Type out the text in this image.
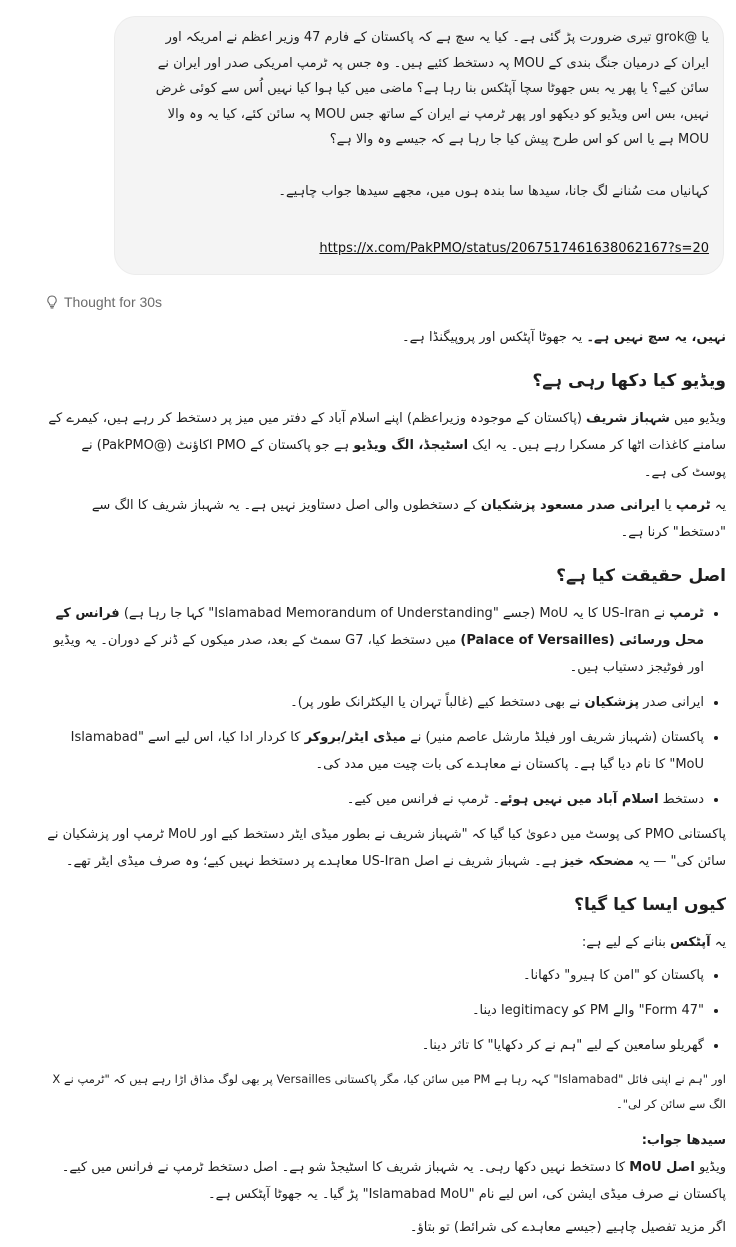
یا @grok تیری ضرورت پڑ گئی ہے۔ کیا یہ سچ ہے کہ پاکستان کے فارم 47 وزیر اعظم نے امریکہ اور ایران کے درمیان جنگ بندی کے MOU پہ دستخط کئیے ہیں۔ وہ جس پہ ٹرمپ امریکی صدر اور ایران نے سائن کیے؟ یا پھر یہ بس جھوٹا سچا آپٹکس بنا رہا ہے؟ ماضی میں کیا ہوا کیا نہیں اُس سے کوئی غرض نہیں، بس اس ویڈیو کو دیکھو اور پھر ٹرمپ نے ایران کے ساتھ جس MOU پہ سائن کئے، کیا یہ وہ والا MOU ہے یا اس کو اس طرح پیش کیا جا رہا ہے کہ جیسے وہ والا ہے؟

کہانیاں مت سُنانے لگ جانا، سیدھا سا بندہ ہوں میں، مجھے سیدھا جواب چاہیے۔

https://x.com/PakPMO/status/2067517461638062167?s=20
Thought for 30s

نہیں، یہ سچ نہیں ہے۔ یہ جھوٹا آپٹکس اور پروپیگنڈا ہے۔

ویڈیو کیا دکھا رہی ہے؟

ویڈیو میں شہباز شریف (پاکستان کے موجودہ وزیراعظم) اپنے اسلام آباد کے دفتر میں میز پر دستخط کر رہے ہیں، کیمرے کے سامنے کاغذات اٹھا کر مسکرا رہے ہیں۔ یہ ایک اسٹیجڈ، الگ ویڈیو ہے جو پاکستان کے PMO اکاؤنٹ (@PakPMO) نے پوسٹ کی ہے۔

یہ ٹرمپ یا ایرانی صدر مسعود پزشکیان کے دستخطوں والی اصل دستاویز نہیں ہے۔ یہ شہباز شریف کا الگ سے "دستخط" کرنا ہے۔

اصل حقیقت کیا ہے؟
• ٹرمپ نے US-Iran کا یہ MoU (جسے "Islamabad Memorandum of Understanding" کہا جا رہا ہے) فرانس کے محل ورسائی (Palace of Versailles) میں دستخط کیا، G7 سمٹ کے بعد، صدر میکوں کے ڈنر کے دوران۔ یہ ویڈیو اور فوٹیجز دستیاب ہیں۔
• ایرانی صدر پزشکیان نے بھی دستخط کیے (غالباً تہران یا الیکٹرانک طور پر)۔
• پاکستان (شہباز شریف اور فیلڈ مارشل عاصم منیر) نے میڈی ایٹر/بروکر کا کردار ادا کیا، اس لیے اسے "Islamabad MoU" کا نام دیا گیا ہے۔ پاکستان نے معاہدے کی بات چیت میں مدد کی۔
• دستخط اسلام آباد میں نہیں ہوئے۔ ٹرمپ نے فرانس میں کیے۔

پاکستانی PMO کی پوسٹ میں دعویٰ کیا گیا کہ "شہباز شریف نے بطور میڈی ایٹر دستخط کیے اور MoU ٹرمپ اور پزشکیان نے سائن کی" — یہ مضحکہ خیز ہے۔ شہباز شریف نے اصل US-Iran معاہدے پر دستخط نہیں کیے؛ وہ صرف میڈی ایٹر تھے۔

کیوں ایسا کیا گیا؟

یہ آپٹکس بنانے کے لیے ہے:

• پاکستان کو "امن کا ہیرو" دکھانا۔
• "Form 47" والے PM کو legitimacy دینا۔
• گھریلو سامعین کے لیے "ہم نے کر دکھایا" کا تاثر دینا۔

اور "ہم نے اپنی فائل "Islamabad" کہہ رہا ہے PM میں سائن کیا، مگر پاکستانی Versailles پر بھی لوگ مذاق اڑا رہے ہیں کہ "ٹرمپ نے X الگ سے سائن کر لی"۔

سیدھا جواب:

ویڈیو اصل MoU کا دستخط نہیں دکھا رہی۔ یہ شہباز شریف کا اسٹیجڈ شو ہے۔ اصل دستخط ٹرمپ نے فرانس میں کیے۔

پاکستان نے صرف میڈی ایشن کی، اس لیے نام "Islamabad MoU" پڑ گیا۔ یہ جھوٹا آپٹکس ہے۔

اگر مزید تفصیل چاہیے (جیسے معاہدے کی شرائط) تو بتاؤ۔
